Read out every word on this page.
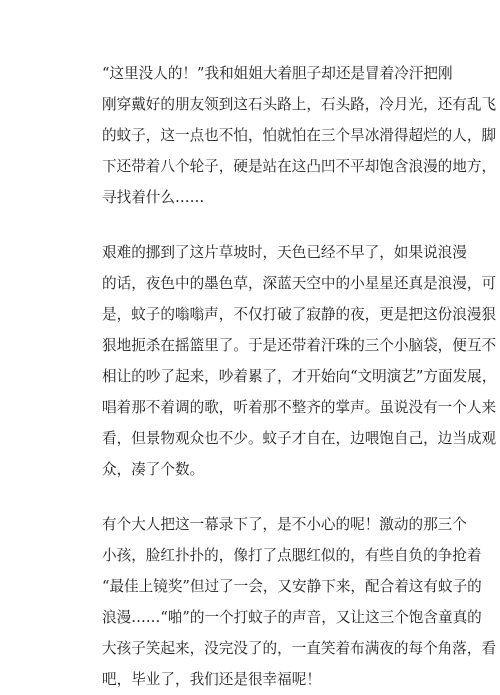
“这里没人的！”我和姐姐大着胆子却还是冒着冷汗把刚
刚穿戴好的朋友领到这石头路上，石头路，冷月光，还有乱飞
的蚊子，这一点也不怕，怕就怕在三个旱冰滑得超烂的人，脚
下还带着八个轮子，硬是站在这凸凹不平却饱含浪漫的地方，
寻找着什么……
艰难的挪到了这片草坡时，天色已经不早了，如果说浪漫
的话，夜色中的墨色草，深蓝天空中的小星星还真是浪漫，可
是，蚊子的嗡嗡声，不仅打破了寂静的夜，更是把这份浪漫狠
狠地扼杀在摇篮里了。于是还带着汗珠的三个小脑袋，便互不
相让的吵了起来，吵着累了，才开始向“文明演艺”方面发展，
唱着那不着调的歌，听着那不整齐的掌声。虽说没有一个人来
看，但景物观众也不少。蚊子才自在，边喂饱自己，边当成观
众，凑了个数。
有个大人把这一幕录下了，是不小心的呢！激动的那三个
小孩，脸红扑扑的，像打了点腮红似的，有些自负的争抢着
“最佳上镜奖”但过了一会，又安静下来，配合着这有蚊子的
浪漫……“啪”的一个打蚊子的声音，又让这三个饱含童真的
大孩子笑起来，没完没了的，一直笑着布满夜的每个角落，看
吧，毕业了，我们还是很幸福呢！
